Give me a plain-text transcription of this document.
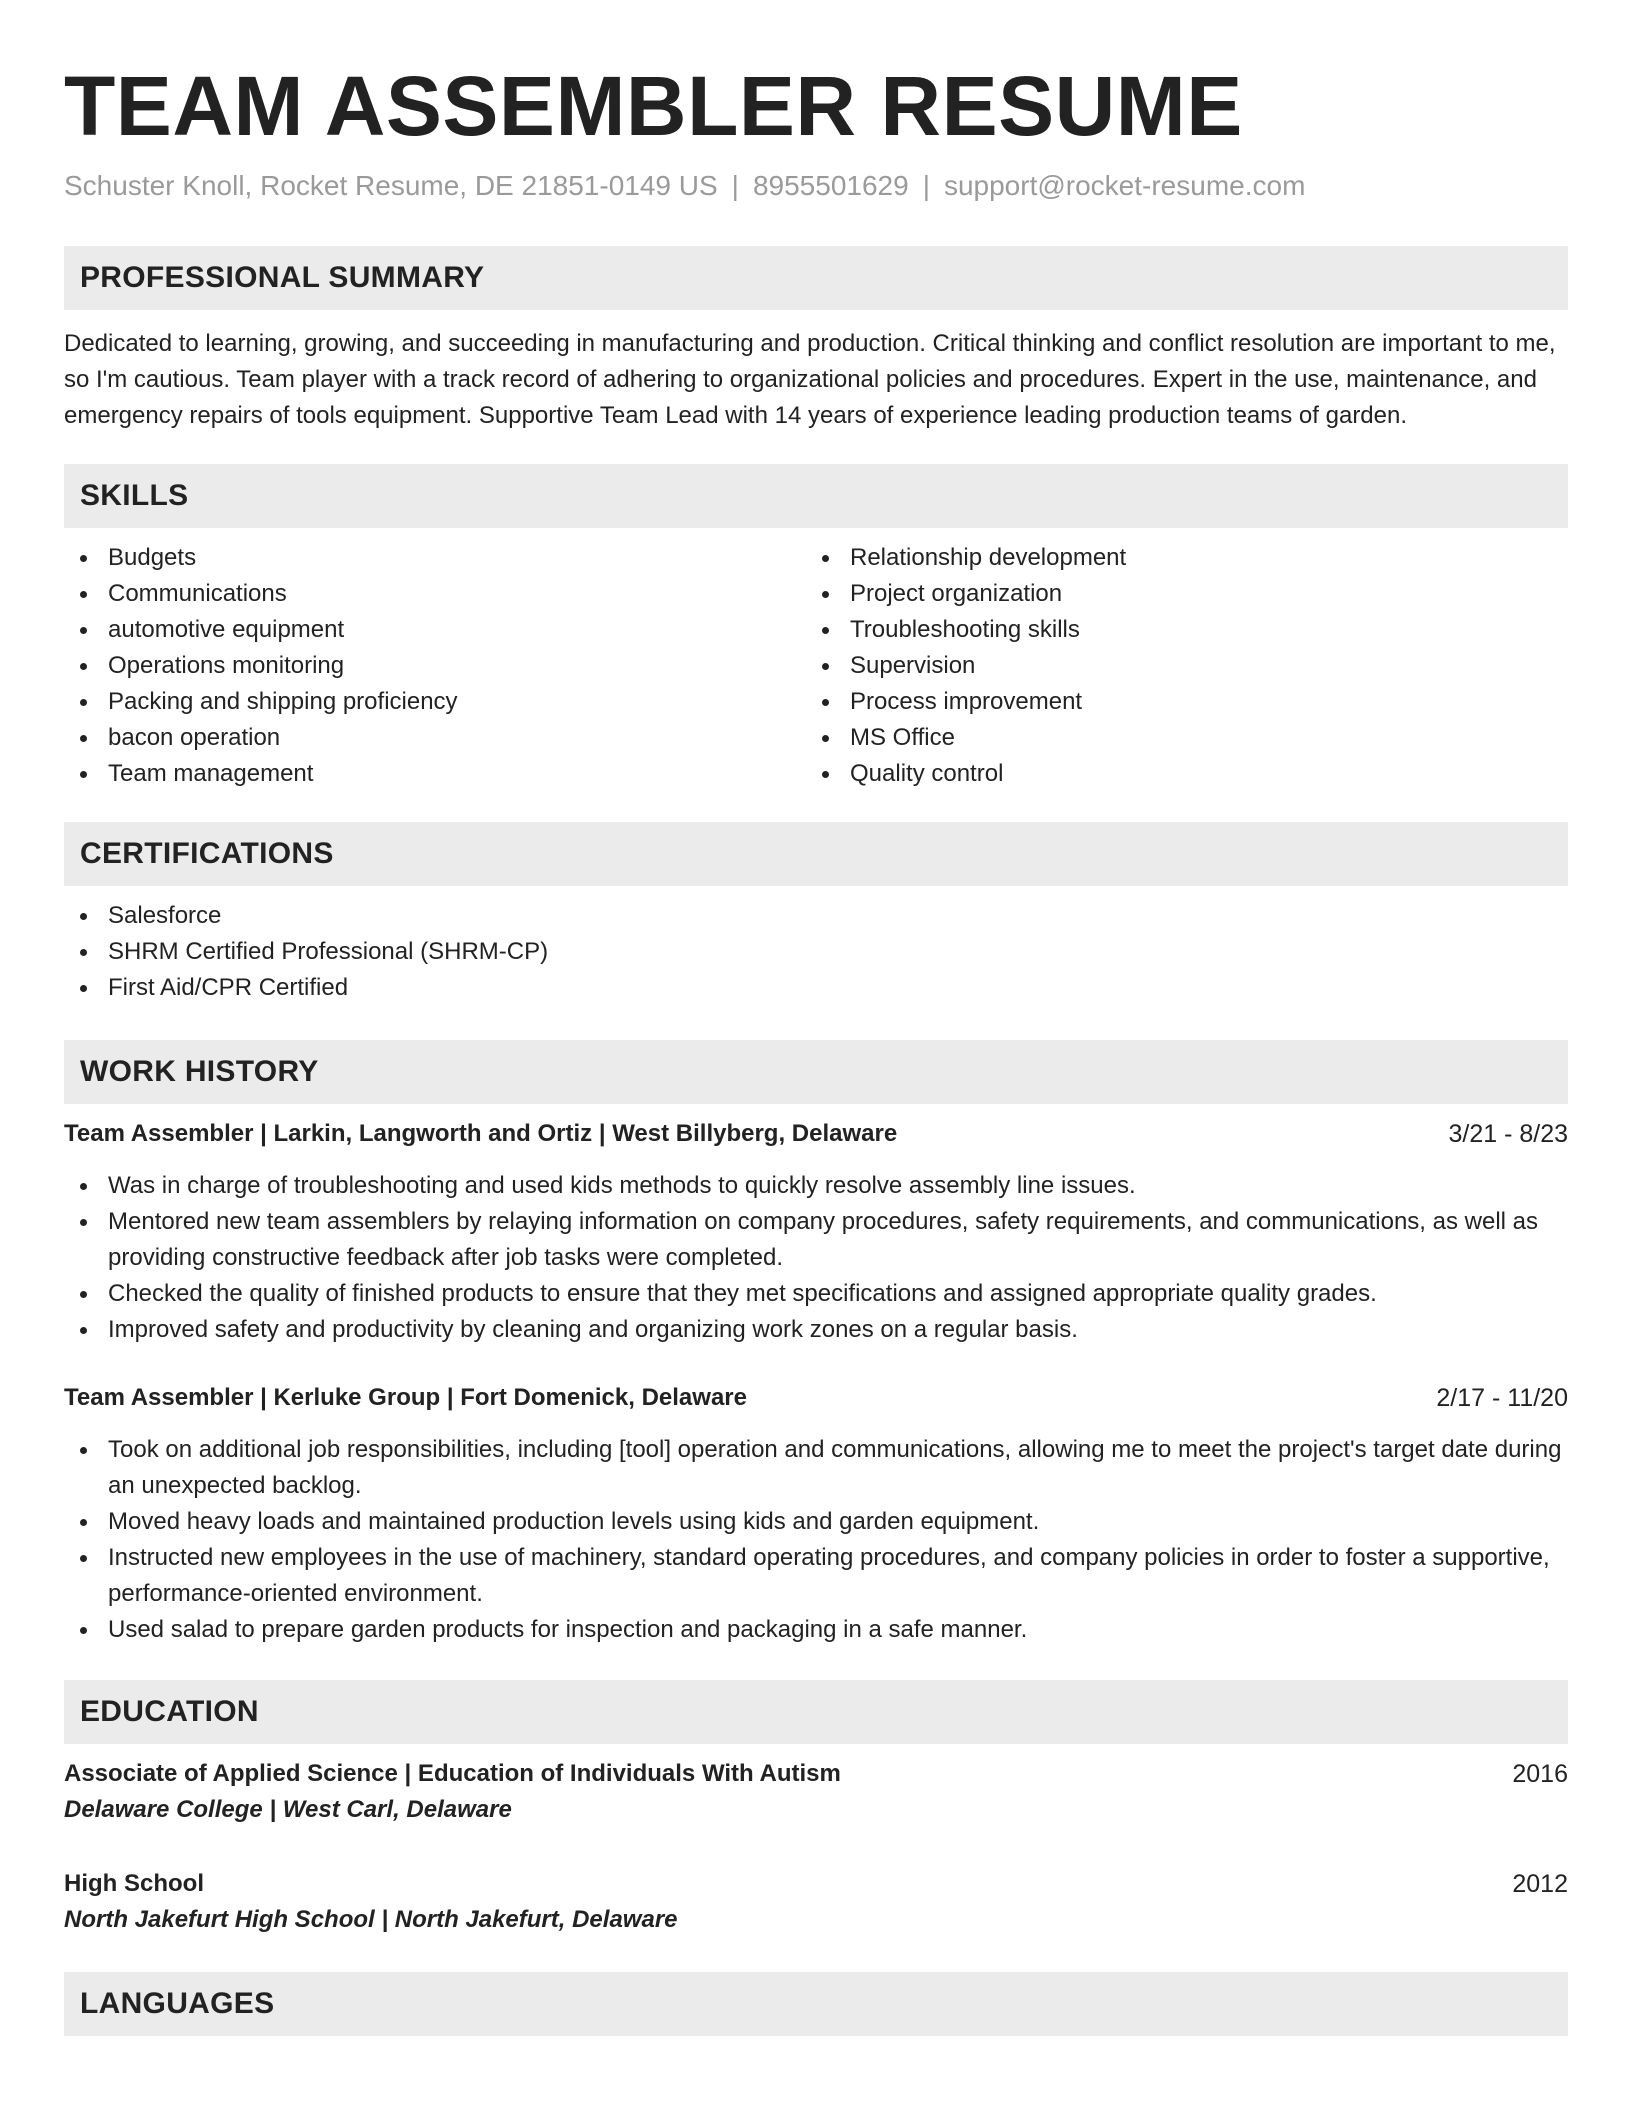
TEAM ASSEMBLER RESUME
Schuster Knoll, Rocket Resume, DE 21851-0149 US | 8955501629 | support@rocket-resume.com
PROFESSIONAL SUMMARY

Dedicated to learning, growing, and succeeding in manufacturing and production. Critical thinking and conflict resolution are important to me, so I'm cautious. Team player with a track record of adhering to organizational policies and procedures. Expert in the use, maintenance, and emergency repairs of tools equipment. Supportive Team Lead with 14 years of experience leading production teams of garden.

SKILLS
Budgets
Communications
automotive equipment
Operations monitoring
Packing and shipping proficiency
bacon operation
Team management
Relationship development
Project organization
Troubleshooting skills
Supervision
Process improvement
MS Office
Quality control
CERTIFICATIONS
Salesforce
SHRM Certified Professional (SHRM-CP)
First Aid/CPR Certified
WORK HISTORY
Team Assembler | Larkin, Langworth and Ortiz | West Billyberg, Delaware	3/21 - 8/23
Was in charge of troubleshooting and used kids methods to quickly resolve assembly line issues.
Mentored new team assemblers by relaying information on company procedures, safety requirements, and communications, as well as providing constructive feedback after job tasks were completed.
Checked the quality of finished products to ensure that they met specifications and assigned appropriate quality grades.
Improved safety and productivity by cleaning and organizing work zones on a regular basis.
Team Assembler | Kerluke Group | Fort Domenick, Delaware	2/17 - 11/20
Took on additional job responsibilities, including [tool] operation and communications, allowing me to meet the project's target date during an unexpected backlog.
Moved heavy loads and maintained production levels using kids and garden equipment.
Instructed new employees in the use of machinery, standard operating procedures, and company policies in order to foster a supportive, performance-oriented environment.
Used salad to prepare garden products for inspection and packaging in a safe manner.
EDUCATION
Associate of Applied Science | Education of Individuals With Autism	2016
Delaware College | West Carl, Delaware
High School	2012
North Jakefurt High School | North Jakefurt, Delaware
LANGUAGES
